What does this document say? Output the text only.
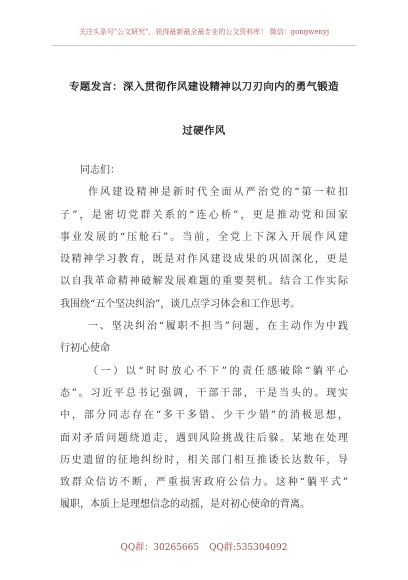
关注头条号"公文研究"，获得最新最全最专业的公文资料库！ 微信：gongwenyj
专题发言：深入贯彻作风建设精神以刀刃向内的勇气锻造
过硬作风
同志们：
作风建设精神是新时代全面从严治党的“第一粒扣
子”，是密切党群关系的“连心桥”，更是推动党和国家
事业发展的“压舱石”。当前，全党上下深入开展作风建
设精神学习教育，既是对作风建设成果的巩固深化，更是
以自我革命精神破解发展难题的重要契机。结合工作实际
我围绕“五个坚决纠治”，谈几点学习体会和工作思考。
一、坚决纠治“履职不担当”问题，在主动作为中践
行初心使命
（一）以“时时放心不下”的责任感破除“躺平心
态”。习近平总书记强调，干部干部，干是当头的。现实
中，部分同志存在“多干多错、少干少错”的消极思想，
面对矛盾问题绕道走，遇到风险挑战往后躲。某地在处理
历史遗留的征地纠纷时，相关部门相互推诿长达数年，导
致群众信访不断，严重损害政府公信力。这种“躺平式”
履职，本质上是理想信念的动摇，是对初心使命的背离。
QQ群：30265665 QQ群:535304092
